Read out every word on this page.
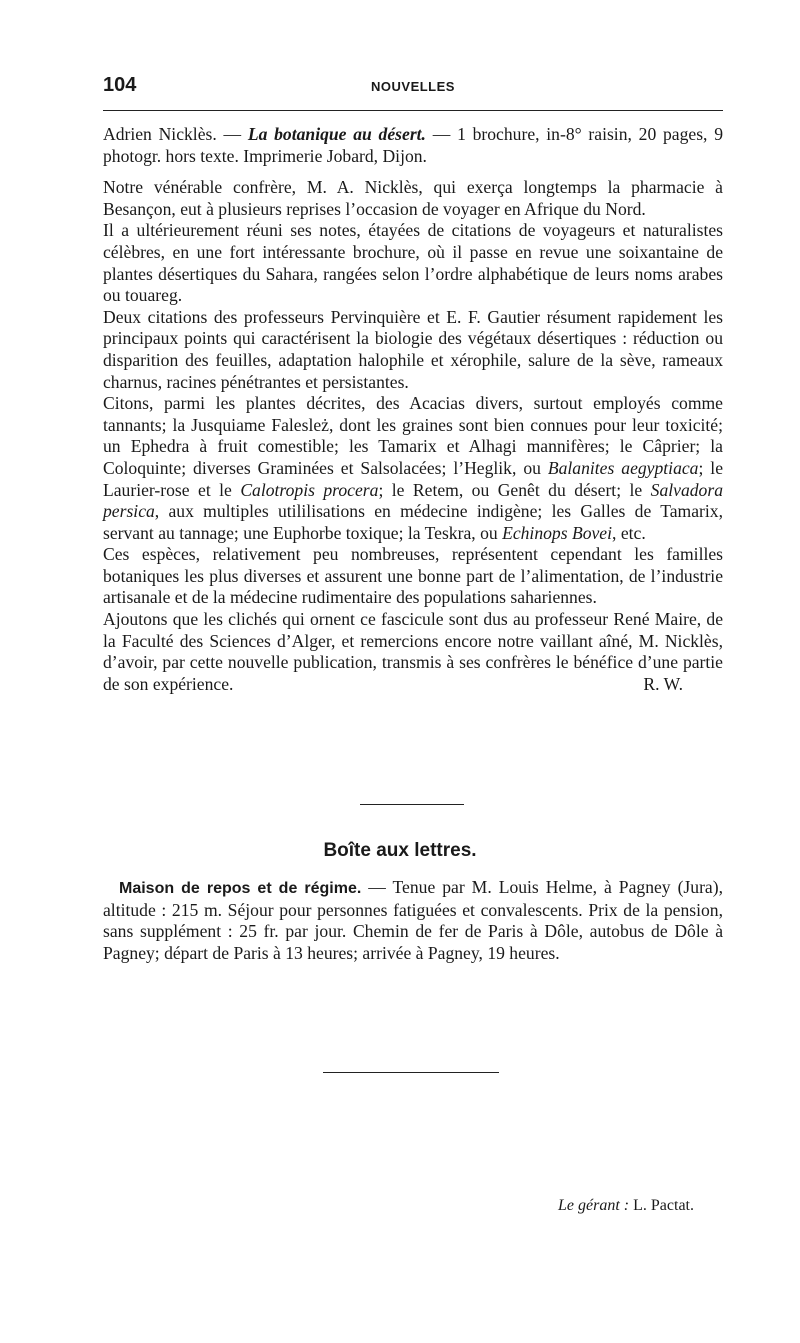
104	NOUVELLES

Adrien Nicklès. — La botanique au désert. — 1 brochure, in-8° raisin, 20 pages, 9 photogr. hors texte. Imprimerie Jobard, Dijon.

Notre vénérable confrère, M. A. Nicklès, qui exerça longtemps la pharmacie à Besançon, eut à plusieurs reprises l’occasion de voyager en Afrique du Nord.

Il a ultérieurement réuni ses notes, étayées de citations de voyageurs et naturalistes célèbres, en une fort intéressante brochure, où il passe en revue une soixantaine de plantes désertiques du Sahara, rangées selon l’ordre alphabétique de leurs noms arabes ou touareg.

Deux citations des professeurs Pervinquière et E. F. Gautier résument rapidement les principaux points qui caractérisent la biologie des végétaux désertiques : réduction ou disparition des feuilles, adaptation halophile et xérophile, salure de la sève, rameaux charnus, racines pénétrantes et persistantes.

Citons, parmi les plantes décrites, des Acacias divers, surtout employés comme tannants; la Jusquiame Falesleż, dont les graines sont bien connues pour leur toxicité; un Ephedra à fruit comestible; les Tamarix et Alhagi mannifères; le Câprier; la Coloquinte; diverses Graminées et Salsolacées; l’Heglik, ou Balanites aegyptiaca; le Laurier-rose et le Calotropis procera; le Retem, ou Genêt du désert; le Salvadora persica, aux multiples utililisations en médecine indigène; les Galles de Tamarix, servant au tannage; une Euphorbe toxique; la Teskra, ou Echinops Bovei, etc.

Ces espèces, relativement peu nombreuses, représentent cependant les familles botaniques les plus diverses et assurent une bonne part de l’alimentation, de l’industrie artisanale et de la médecine rudimentaire des populations sahariennes.

Ajoutons que les clichés qui ornent ce fascicule sont dus au professeur René Maire, de la Faculté des Sciences d’Alger, et remercions encore notre vaillant aîné, M. Nicklès, d’avoir, par cette nouvelle publication, transmis à ses confrères le bénéfice d’une partie de son expérience.	R. W.

Boîte aux lettres.

Maison de repos et de régime. — Tenue par M. Louis Helme, à Pagney (Jura), altitude : 215 m. Séjour pour personnes fatiguées et convalescents. Prix de la pension, sans supplément : 25 fr. par jour. Chemin de fer de Paris à Dôle, autobus de Dôle à Pagney; départ de Paris à 13 heures; arrivée à Pagney, 19 heures.

Le gérant : L. Pactat.
